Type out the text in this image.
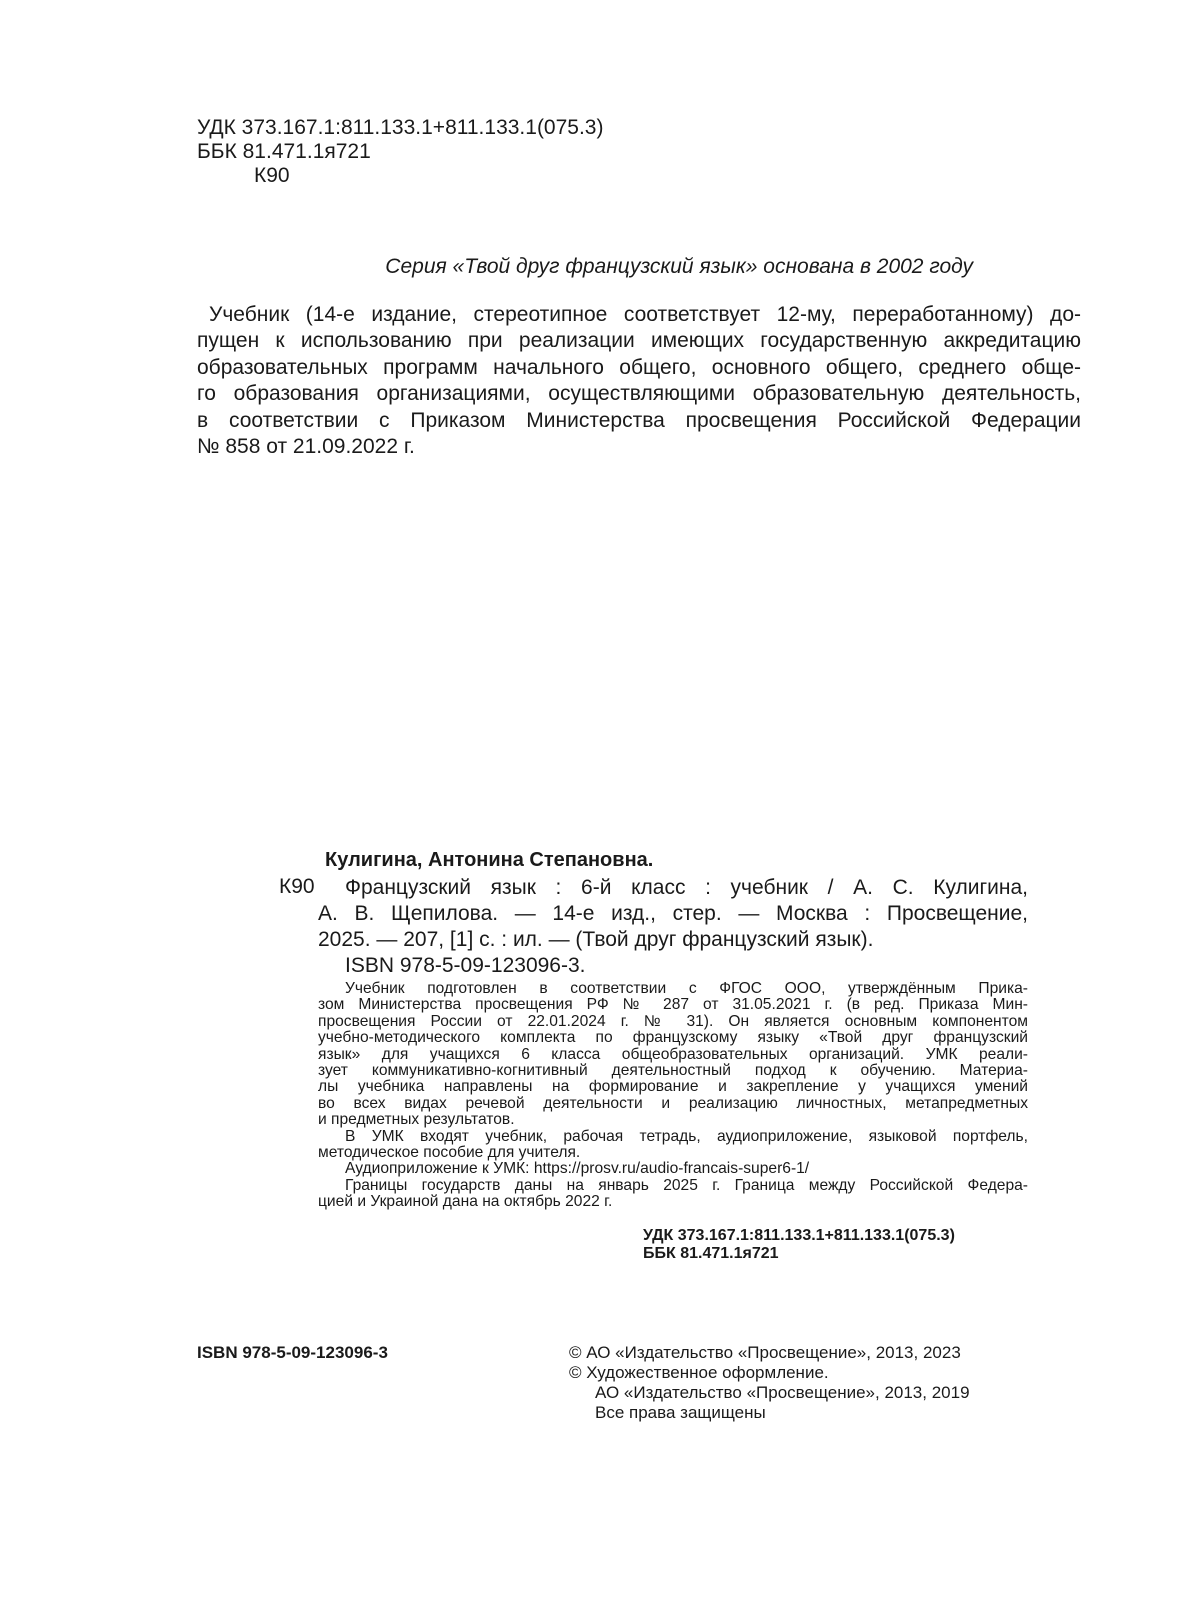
УДК 373.167.1:811.133.1+811.133.1(075.3)
ББК 81.471.1я721
К90
Серия «Твой друг французский язык» основана в 2002 году
Учебник (14-е издание, стереотипное соответствует 12-му, переработанному) до-
пущен к использованию при реализации имеющих государственную аккредитацию
образовательных программ начального общего, основного общего, среднего обще-
го образования организациями, осуществляющими образовательную деятельность,
в соответствии с Приказом Министерства просвещения Российской Федерации
№ 858 от 21.09.2022 г.
Кулигина, Антонина Степановна.
К90	Французский язык : 6-й класс : учебник / А. С. Кулигина,
А. В. Щепилова. — 14-е изд., стер. — Москва : Просвещение,
2025. — 207, [1] с. : ил. — (Твой друг французский язык).
ISBN 978-5-09-123096-3.
Учебник подготовлен в соответствии с ФГОС ООО, утверждённым Прика-
зом Министерства просвещения РФ № 287 от 31.05.2021 г. (в ред. Приказа Мин-
просвещения России от 22.01.2024 г. № 31). Он является основным компонентом
учебно-методического комплекта по французскому языку «Твой друг французский
язык» для учащихся 6 класса общеобразовательных организаций. УМК реали-
зует коммуникативно-когнитивный деятельностный подход к обучению. Материа-
лы учебника направлены на формирование и закрепление у учащихся умений
во всех видах речевой деятельности и реализацию личностных, метапредметных
и предметных результатов.
В УМК входят учебник, рабочая тетрадь, аудиоприложение, языковой портфель,
методическое пособие для учителя.
Аудиоприложение к УМК: https://prosv.ru/audio-francais-super6-1/
Границы государств даны на январь 2025 г. Граница между Российской Федера-
цией и Украиной дана на октябрь 2022 г.
УДК 373.167.1:811.133.1+811.133.1(075.3)
ББК 81.471.1я721
ISBN 978-5-09-123096-3	© АО «Издательство «Просвещение», 2013, 2023
© Художественное оформление.
АО «Издательство «Просвещение», 2013, 2019
Все права защищены
